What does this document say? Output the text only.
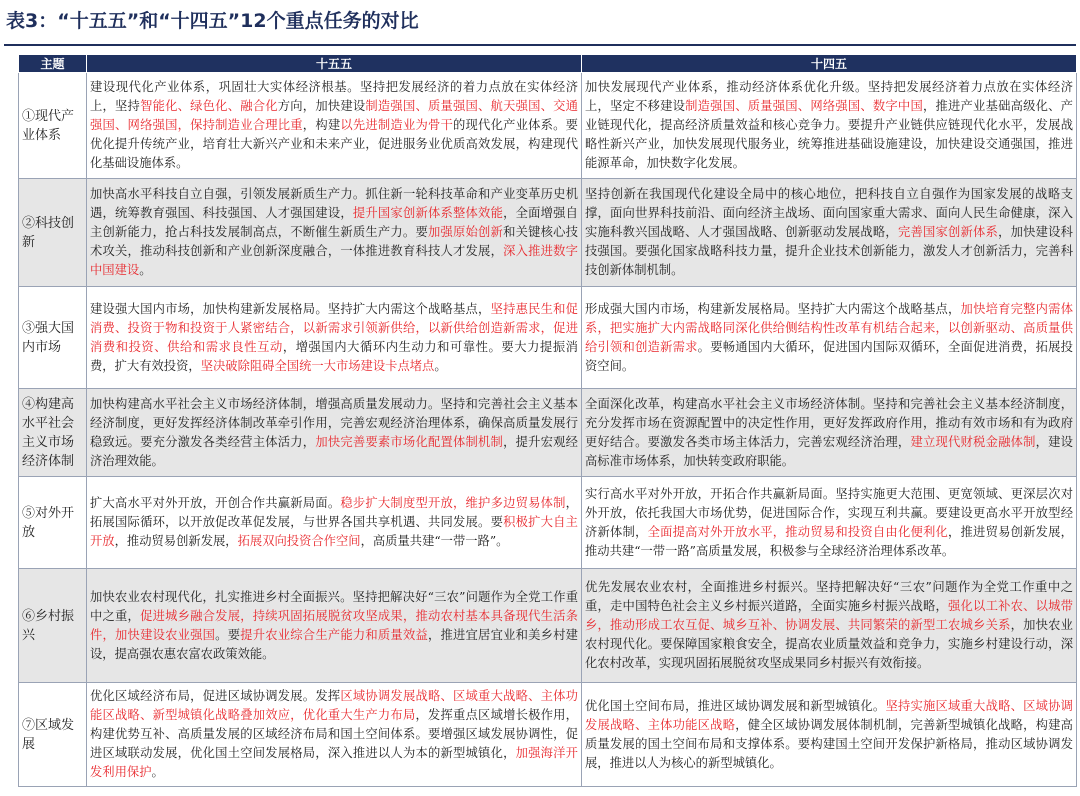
表3：“十五五”和“十四五”12个重点任务的对比
主题	十五五	十四五
①现代产业体系	建设现代化产业体系，巩固壮大实体经济根基。坚持把发展经济的着力点放在实体经济上，坚持智能化、绿色化、融合化方向，加快建设制造强国、质量强国、航天强国、交通强国、网络强国，保持制造业合理比重，构建以先进制造业为骨干的现代化产业体系。要优化提升传统产业，培育壮大新兴产业和未来产业，促进服务业优质高效发展，构建现代化基础设施体系。	加快发展现代产业体系，推动经济体系优化升级。坚持把发展经济着力点放在实体经济上，坚定不移建设制造强国、质量强国、网络强国、数字中国，推进产业基础高级化、产业链现代化，提高经济质量效益和核心竞争力。要提升产业链供应链现代化水平，发展战略性新兴产业，加快发展现代服务业，统筹推进基础设施建设，加快建设交通强国，推进能源革命，加快数字化发展。

②科技创新	加快高水平科技自立自强，引领发展新质生产力。抓住新一轮科技革命和产业变革历史机遇，统筹教育强国、科技强国、人才强国建设，提升国家创新体系整体效能，全面增强自主创新能力，抢占科技发展制高点，不断催生新质生产力。要加强原始创新和关键核心技术攻关，推动科技创新和产业创新深度融合，一体推进教育科技人才发展，深入推进数字中国建设。	坚持创新在我国现代化建设全局中的核心地位，把科技自立自强作为国家发展的战略支撑，面向世界科技前沿、面向经济主战场、面向国家重大需求、面向人民生命健康，深入实施科教兴国战略、人才强国战略、创新驱动发展战略，完善国家创新体系，加快建设科技强国。要强化国家战略科技力量，提升企业技术创新能力，激发人才创新活力，完善科技创新体制机制。

③强大国内市场	建设强大国内市场，加快构建新发展格局。坚持扩大内需这个战略基点，坚持惠民生和促消费、投资于物和投资于人紧密结合，以新需求引领新供给，以新供给创造新需求，促进消费和投资、供给和需求良性互动，增强国内大循环内生动力和可靠性。要大力提振消费，扩大有效投资，坚决破除阻碍全国统一大市场建设卡点堵点。	形成强大国内市场，构建新发展格局。坚持扩大内需这个战略基点，加快培育完整内需体系，把实施扩大内需战略同深化供给侧结构性改革有机结合起来，以创新驱动、高质量供给引领和创造新需求。要畅通国内大循环，促进国内国际双循环，全面促进消费，拓展投资空间。

④构建高水平社会主义市场经济体制	加快构建高水平社会主义市场经济体制，增强高质量发展动力。坚持和完善社会主义基本经济制度，更好发挥经济体制改革牵引作用，完善宏观经济治理体系，确保高质量发展行稳致远。要充分激发各类经营主体活力，加快完善要素市场化配置体制机制，提升宏观经济治理效能。	全面深化改革，构建高水平社会主义市场经济体制。坚持和完善社会主义基本经济制度，充分发挥市场在资源配置中的决定性作用，更好发挥政府作用，推动有效市场和有为政府更好结合。要激发各类市场主体活力，完善宏观经济治理，建立现代财税金融体制，建设高标准市场体系，加快转变政府职能。

⑤对外开放	扩大高水平对外开放，开创合作共赢新局面。稳步扩大制度型开放，维护多边贸易体制，拓展国际循环，以开放促改革促发展，与世界各国共享机遇、共同发展。要积极扩大自主开放，推动贸易创新发展，拓展双向投资合作空间，高质量共建“一带一路”。	实行高水平对外开放，开拓合作共赢新局面。坚持实施更大范围、更宽领域、更深层次对外开放，依托我国大市场优势，促进国际合作，实现互利共赢。要建设更高水平开放型经济新体制，全面提高对外开放水平，推动贸易和投资自由化便利化，推进贸易创新发展，推动共建“一带一路”高质量发展，积极参与全球经济治理体系改革。

⑥乡村振兴	加快农业农村现代化，扎实推进乡村全面振兴。坚持把解决好“三农”问题作为全党工作重中之重，促进城乡融合发展，持续巩固拓展脱贫攻坚成果，推动农村基本具备现代生活条件，加快建设农业强国。要提升农业综合生产能力和质量效益，推进宜居宜业和美乡村建设，提高强农惠农富农政策效能。	优先发展农业农村，全面推进乡村振兴。坚持把解决好“三农”问题作为全党工作重中之重，走中国特色社会主义乡村振兴道路，全面实施乡村振兴战略，强化以工补农、以城带乡，推动形成工农互促、城乡互补、协调发展、共同繁荣的新型工农城乡关系，加快农业农村现代化。要保障国家粮食安全，提高农业质量效益和竞争力，实施乡村建设行动，深化农村改革，实现巩固拓展脱贫攻坚成果同乡村振兴有效衔接。

⑦区域发展	优化区域经济布局，促进区域协调发展。发挥区域协调发展战略、区域重大战略、主体功能区战略、新型城镇化战略叠加效应，优化重大生产力布局，发挥重点区域增长极作用，构建优势互补、高质量发展的区域经济布局和国土空间体系。要增强区域发展协调性，促进区域联动发展，优化国土空间发展格局，深入推进以人为本的新型城镇化，加强海洋开发利用保护。	优化国土空间布局，推进区域协调发展和新型城镇化。坚持实施区域重大战略、区域协调发展战略、主体功能区战略，健全区域协调发展体制机制，完善新型城镇化战略，构建高质量发展的国土空间布局和支撑体系。要构建国土空间开发保护新格局，推动区域协调发展，推进以人为核心的新型城镇化。
